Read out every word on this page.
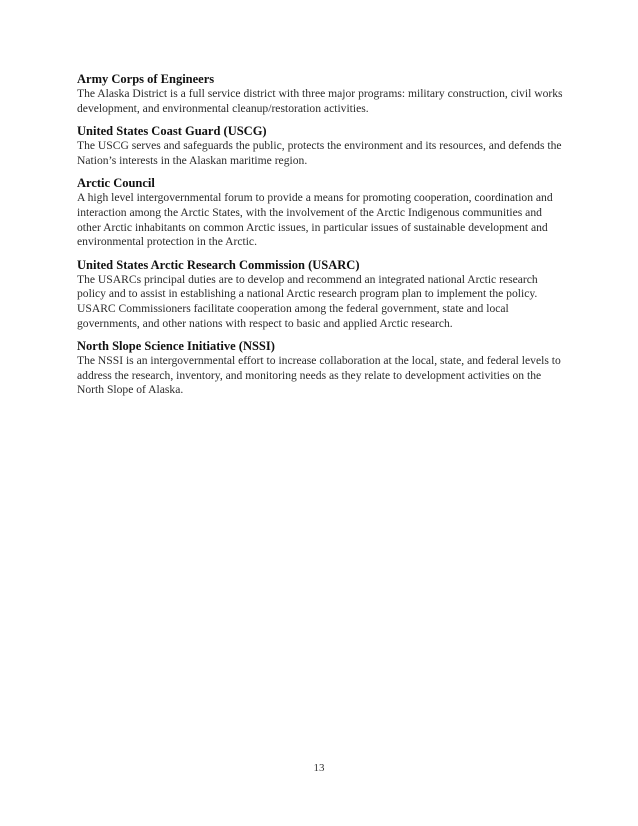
Army Corps of Engineers

The Alaska District is a full service district with three major programs: military construction, civil works development, and environmental cleanup/restoration activities.

United States Coast Guard (USCG)

The USCG serves and safeguards the public, protects the environment and its resources, and defends the Nation’s interests in the Alaskan maritime region.

Arctic Council

A high level intergovernmental forum to provide a means for promoting cooperation, coordination and interaction among the Arctic States, with the involvement of the Arctic Indigenous communities and other Arctic inhabitants on common Arctic issues, in particular issues of sustainable development and environmental protection in the Arctic.

United States Arctic Research Commission (USARC)

The USARCs principal duties are to develop and recommend an integrated national Arctic research policy and to assist in establishing a national Arctic research program plan to implement the policy. USARC Commissioners facilitate cooperation among the federal government, state and local governments, and other nations with respect to basic and applied Arctic research.

North Slope Science Initiative (NSSI)

The NSSI is an intergovernmental effort to increase collaboration at the local, state, and federal levels to address the research, inventory, and monitoring needs as they relate to development activities on the North Slope of Alaska.

13
